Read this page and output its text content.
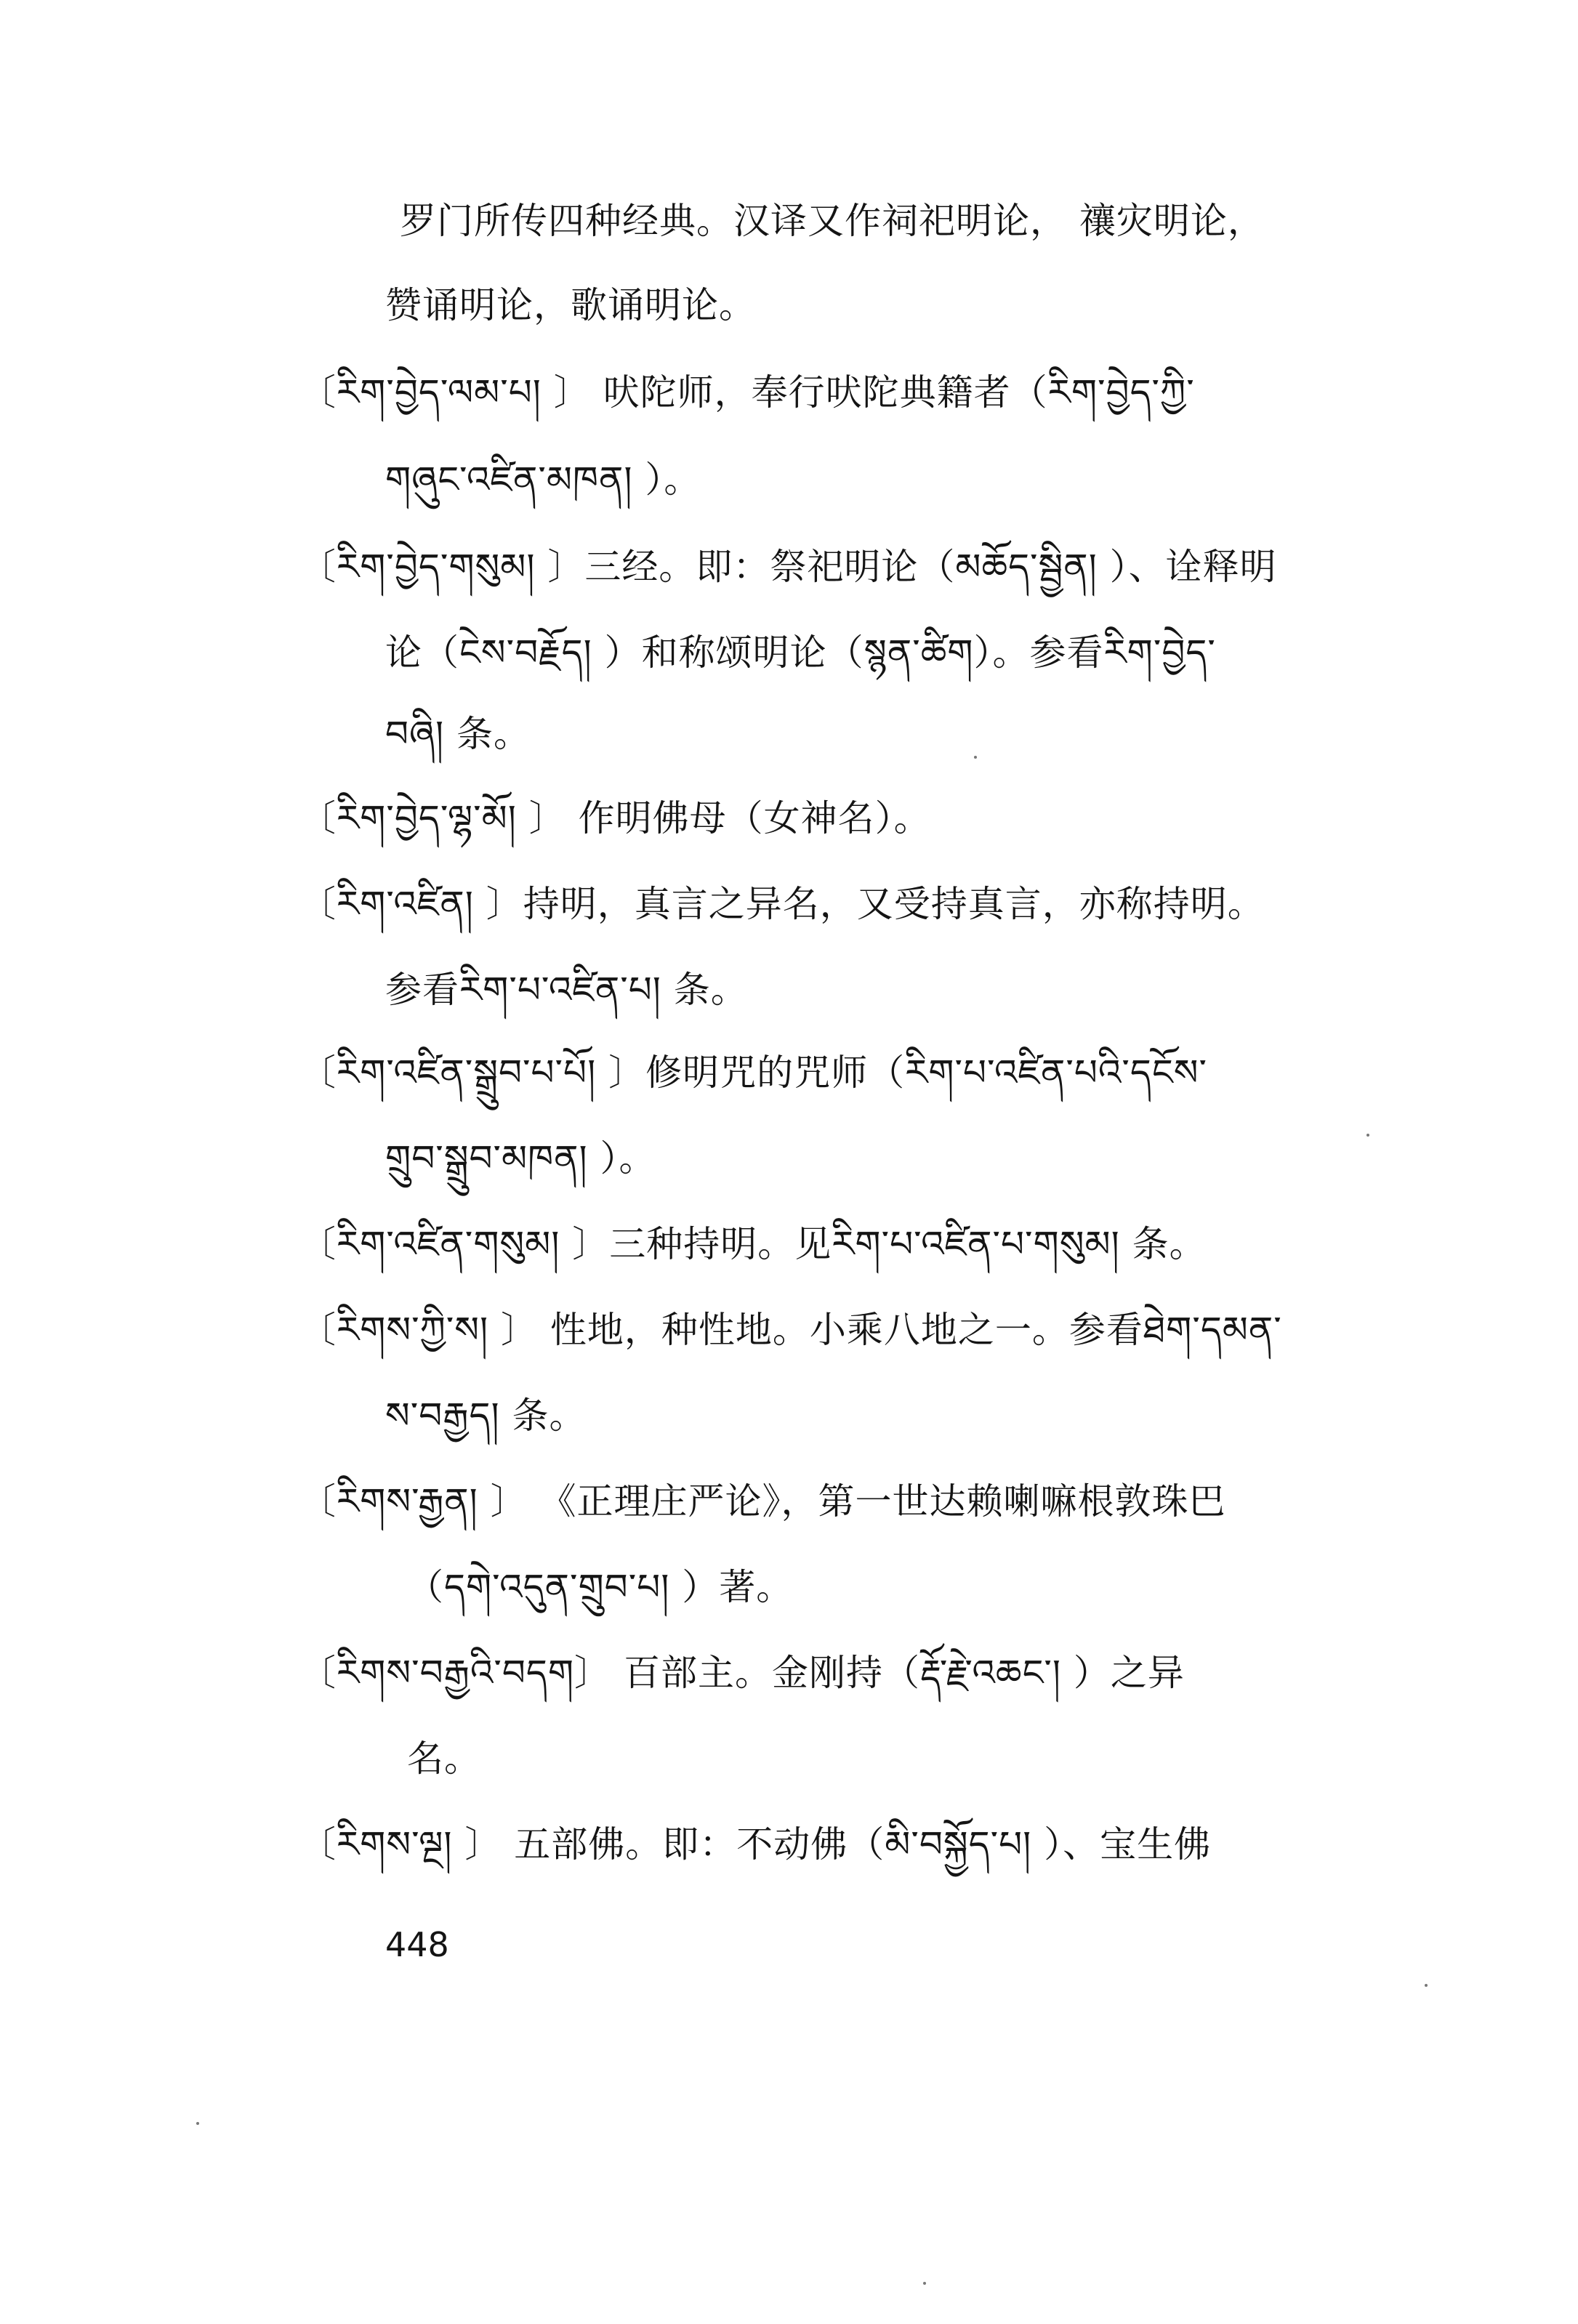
罗门所传四种经典。汉译又作祠祀明论， 禳灾明论，
赞诵明论，歌诵明论。
〔རིག་བྱེད་ལམ་པ། 〕 吠陀师，奉行吠陀典籍者（རིག་བྱེད་ཀྱི་
གཞུང་འཛིན་མཁན། ）。
〔རིག་བྱེད་གསུམ། 〕三经。即：祭祀明论（མཆོད་སྦྱིན། ）、诠释明
论（ངེས་བརྗོད། ）和称颂明论（སྙན་ཚིག）。参看རིག་བྱེད་
བཞི། 条。
〔རིག་བྱེད་ལྷ་མོ། 〕 作明佛母（女神名）。
〔རིག་འཛིན། 〕持明，真言之异名，又受持真言，亦称持明。
参看རིག་པ་འཛིན་པ། 条。
〔རིག་འཛིན་སྒྲུབ་པ་པོ། 〕修明咒的咒师（རིག་པ་འཛིན་པའི་དངོས་
གྲུབ་སྒྲུབ་མཁན། ）。
〔རིག་འཛིན་གསུམ། 〕三种持明。见རིག་པ་འཛིན་པ་གསུམ། 条。
〔རིགས་ཀྱི་ས། 〕 性地，种性地。小乘八地之一。参看ཐེག་དམན་
ས་བརྒྱད། 条。
〔རིགས་རྒྱན། 〕 《正理庄严论》，第一世达赖喇嘛根敦珠巴
（དགེ་འདུན་གྲུབ་པ། ）著。
〔རིགས་བརྒྱའི་བདག〕 百部主。金刚持（རྡོ་རྗེ་འཆང་། ）之异
名。
〔རིགས་ལྔ། 〕 五部佛。即：不动佛（མི་བསྐྱོད་པ། ）、宝生佛
448
